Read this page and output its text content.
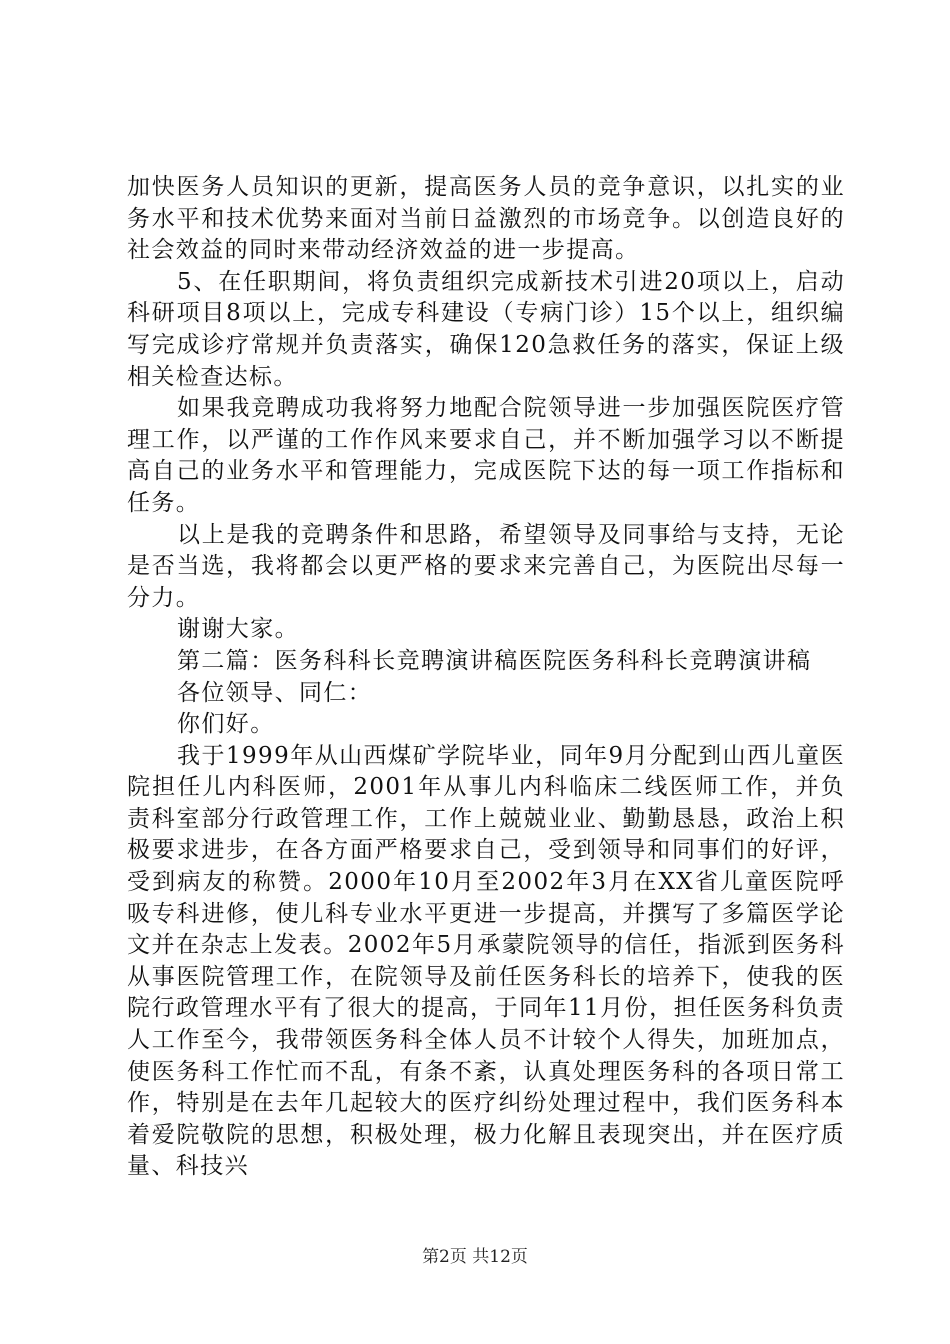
加快医务人员知识的更新，提高医务人员的竞争意识，以扎实的业务水平和技术优势来面对当前日益激烈的市场竞争。以创造良好的社会效益的同时来带动经济效益的进一步提高。

5、在任职期间，将负责组织完成新技术引进20项以上，启动科研项目8项以上，完成专科建设（专病门诊）15个以上，组织编写完成诊疗常规并负责落实，确保120急救任务的落实，保证上级相关检查达标。

如果我竞聘成功我将努力地配合院领导进一步加强医院医疗管理工作，以严谨的工作作风来要求自己，并不断加强学习以不断提高自己的业务水平和管理能力，完成医院下达的每一项工作指标和任务。

以上是我的竞聘条件和思路，希望领导及同事给与支持，无论是否当选，我将都会以更严格的要求来完善自己，为医院出尽每一分力。

谢谢大家。

第二篇：医务科科长竞聘演讲稿医院医务科科长竞聘演讲稿

各位领导、同仁：

你们好。

我于1999年从山西煤矿学院毕业，同年9月分配到山西儿童医院担任儿内科医师，2001年从事儿内科临床二线医师工作，并负责科室部分行政管理工作，工作上兢兢业业、勤勤恳恳，政治上积极要求进步，在各方面严格要求自己，受到领导和同事们的好评，受到病友的称赞。2000年10月至2002年3月在XX省儿童医院呼吸专科进修，使儿科专业水平更进一步提高，并撰写了多篇医学论文并在杂志上发表。2002年5月承蒙院领导的信任，指派到医务科从事医院管理工作，在院领导及前任医务科长的培养下，使我的医院行政管理水平有了很大的提高，于同年11月份，担任医务科负责人工作至今，我带领医务科全体人员不计较个人得失，加班加点，使医务科工作忙而不乱，有条不紊，认真处理医务科的各项日常工作，特别是在去年几起较大的医疗纠纷处理过程中，我们医务科本着爱院敬院的思想，积极处理，极力化解且表现突出，并在医疗质量、科技兴

第2页 共12页
